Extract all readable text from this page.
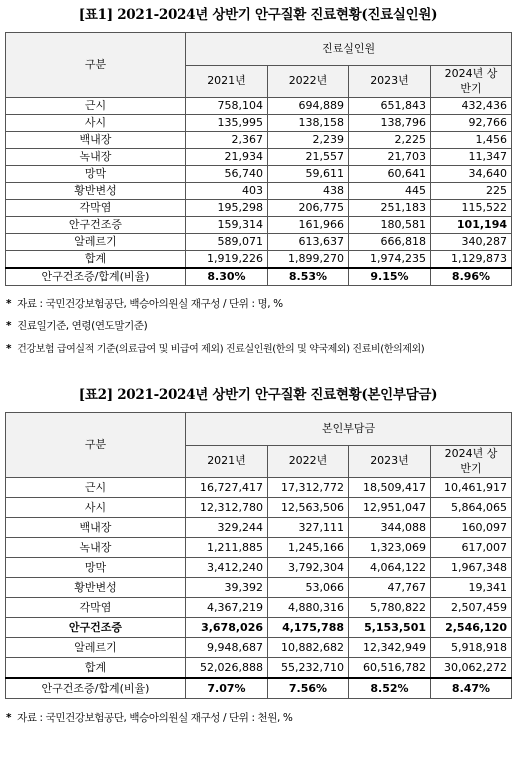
[표1] 2021-2024년 상반기 안구질환 진료현황(진료실인원)
구분	진료실인원			
	2021년	2022년	2023년	2024년 상반기
근시	758,104	694,889	651,843	432,436
사시	135,995	138,158	138,796	92,766
백내장	2,367	2,239	2,225	1,456
녹내장	21,934	21,557	21,703	11,347
망막	56,740	59,611	60,641	34,640
황반변성	403	438	445	225
각막염	195,298	206,775	251,183	115,522
안구건조증	159,314	161,966	180,581	101,194
알레르기	589,071	613,637	666,818	340,287
합계	1,919,226	1,899,270	1,974,235	1,129,873
안구건조증/합계(비율)	8.30%	8.53%	9.15%	8.96%
* 자료 : 국민건강보험공단, 백승아의원실 재구성 / 단위 : 명, %
* 진료일기준, 연령(연도말기준)
* 건강보험 급여실적 기준(의료급여 및 비급여 제외) 진료실인원(한의 및 약국제외) 진료비(한의제외)
[표2] 2021-2024년 상반기 안구질환 진료현황(본인부담금)
구분	본인부담금			
	2021년	2022년	2023년	2024년 상반기
근시	16,727,417	17,312,772	18,509,417	10,461,917
사시	12,312,780	12,563,506	12,951,047	5,864,065
백내장	329,244	327,111	344,088	160,097
녹내장	1,211,885	1,245,166	1,323,069	617,007
망막	3,412,240	3,792,304	4,064,122	1,967,348
황반변성	39,392	53,066	47,767	19,341
각막염	4,367,219	4,880,316	5,780,822	2,507,459
안구건조증	3,678,026	4,175,788	5,153,501	2,546,120
알레르기	9,948,687	10,882,682	12,342,949	5,918,918
합계	52,026,888	55,232,710	60,516,782	30,062,272
안구건조증/합계(비율)	7.07%	7.56%	8.52%	8.47%
* 자료 : 국민건강보험공단, 백승아의원실 재구성 / 단위 : 천원, %
